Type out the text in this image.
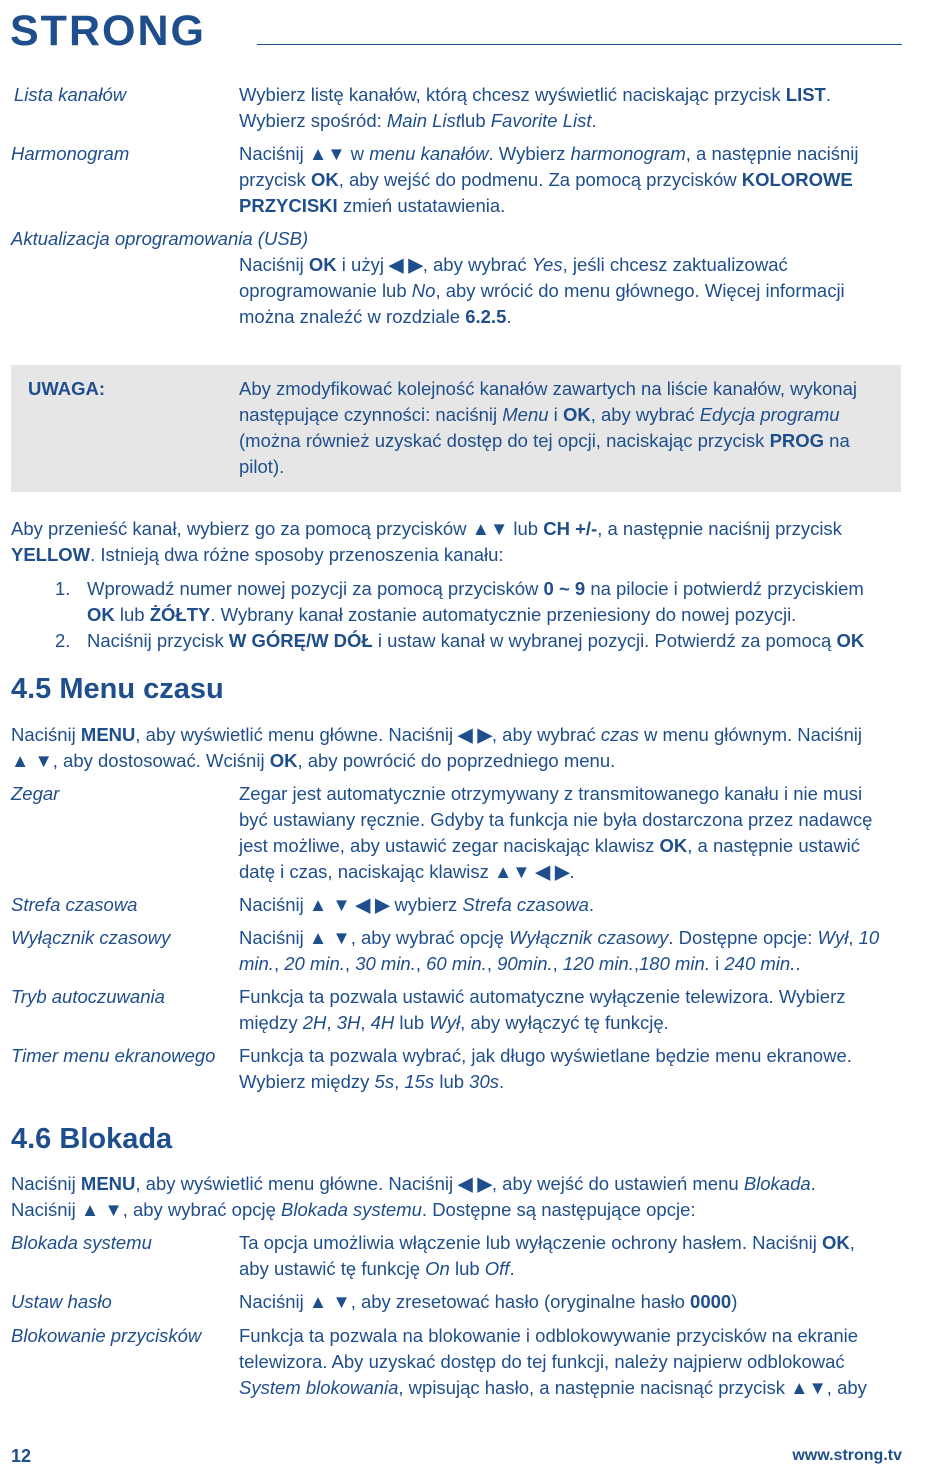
STRONG
Lista kanałów	Wybierz listę kanałów, którą chcesz wyświetlić naciskając przycisk LIST.
Wybierz spośród: Main Listlub Favorite List.
Harmonogram	Naciśnij ▲▼ w menu kanałów. Wybierz harmonogram, a następnie naciśnij
przycisk OK, aby wejść do podmenu. Za pomocą przycisków KOLOROWE
PRZYCISKI zmień ustatawienia.
Aktualizacja oprogramowania (USB)
Naciśnij OK i użyj ◀ ▶, aby wybrać Yes, jeśli chcesz zaktualizować
oprogramowanie lub No, aby wrócić do menu głównego. Więcej informacji
można znaleźć w rozdziale 6.2.5.
UWAGA:	Aby zmodyfikować kolejność kanałów zawartych na liście kanałów, wykonaj
następujące czynności: naciśnij Menu i OK, aby wybrać Edycja programu
(można również uzyskać dostęp do tej opcji, naciskając przycisk PROG na
pilot).
Aby przenieść kanał, wybierz go za pomocą przycisków ▲▼ lub CH +/-, a następnie naciśnij przycisk
YELLOW. Istnieją dwa różne sposoby przenoszenia kanału:
1. Wprowadź numer nowej pozycji za pomocą przycisków 0 ~ 9 na pilocie i potwierdź przyciskiem
OK lub ŻÓŁTY. Wybrany kanał zostanie automatycznie przeniesiony do nowej pozycji.
2. Naciśnij przycisk W GÓRĘ/W DÓŁ i ustaw kanał w wybranej pozycji. Potwierdź za pomocą OK
4.5 Menu czasu
Naciśnij MENU, aby wyświetlić menu główne. Naciśnij ◀ ▶, aby wybrać czas w menu głównym. Naciśnij
▲ ▼, aby dostosować. Wciśnij OK, aby powrócić do poprzedniego menu.
Zegar	Zegar jest automatycznie otrzymywany z transmitowanego kanału i nie musi
być ustawiany ręcznie. Gdyby ta funkcja nie była dostarczona przez nadawcę
jest możliwe, aby ustawić zegar naciskając klawisz OK, a następnie ustawić
datę i czas, naciskając klawisz ▲▼ ◀ ▶.
Strefa czasowa	Naciśnij ▲ ▼ ◀ ▶ wybierz Strefa czasowa.
Wyłącznik czasowy	Naciśnij ▲ ▼, aby wybrać opcję Wyłącznik czasowy. Dostępne opcje: Wył, 10
min., 20 min., 30 min., 60 min., 90min., 120 min.,180 min. i 240 min..
Tryb autoczuwania	Funkcja ta pozwala ustawić automatyczne wyłączenie telewizora. Wybierz
między 2H, 3H, 4H lub Wył, aby wyłączyć tę funkcję.
Timer menu ekranowego Funkcja ta pozwala wybrać, jak długo wyświetlane będzie menu ekranowe.
Wybierz między 5s, 15s lub 30s.
4.6 Blokada
Naciśnij MENU, aby wyświetlić menu główne. Naciśnij ◀ ▶, aby wejść do ustawień menu Blokada.
Naciśnij ▲ ▼, aby wybrać opcję Blokada systemu. Dostępne są następujące opcje:
Blokada systemu	Ta opcja umożliwia włączenie lub wyłączenie ochrony hasłem. Naciśnij OK,
aby ustawić tę funkcję On lub Off.
Ustaw hasło	Naciśnij ▲ ▼, aby zresetować hasło (oryginalne hasło 0000)
Blokowanie przycisków Funkcja ta pozwala na blokowanie i odblokowywanie przycisków na ekranie
telewizora. Aby uzyskać dostęp do tej funkcji, należy najpierw odblokować
System blokowania, wpisując hasło, a następnie nacisnąć przycisk ▲▼, aby
12	www.strong.tv
